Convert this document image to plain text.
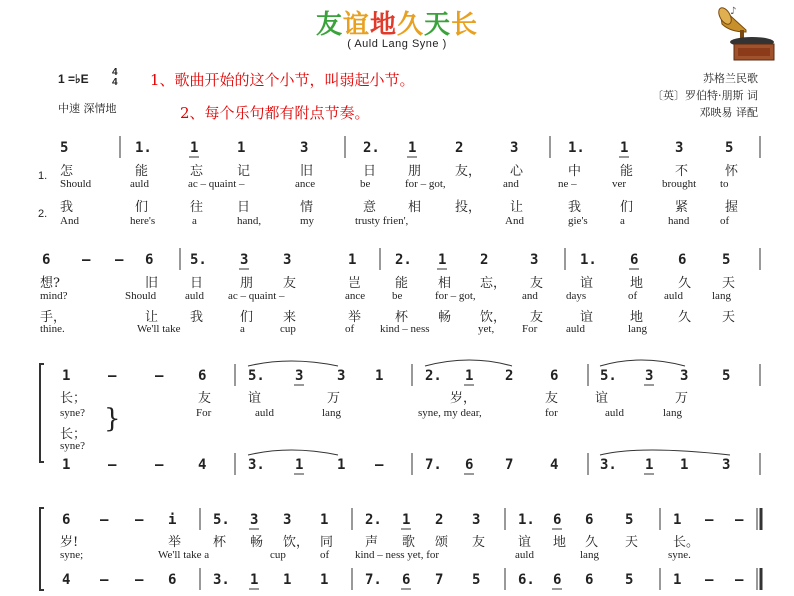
友谊地久天长
( Auld Lang Syne )
♪
1 =♭E 4
4
中速 深情地
1、歌曲开始的这个小节，叫弱起小节。
2、每个乐句都有附点节奏。
苏格兰民歌
〔英〕罗伯特·朋斯 词
邓映易 译配
1.
2.
5	1.	1	1	3	2. 1	2	3	1.	1	3	5
怎	能	忘	记	旧	日 朋	友， 心	中	能	不	怀
Should	auld	ac – quaint –	ance	be	for – got,	and	ne –	ver	brought to
我	们	往	日	情	意 相	投， 让	我	们	紧	握
And	here's	a	hand,	my	trusty frien',	And	gie's	a	hand	of
6 – – 6	5. 3 3	1	2. 1 2	3	1. 6	6	5
想?	旧 日	朋 友	岂	能 相 忘， 友	谊	地	久 天
mind?	Should	auld ac – quaint –	ance be	for – got,	and	days	of auld	lang
手，	让 我	们 来	举	杯 畅 饮， 友	谊	地	久 天
thine.	We'll take	a	cup	of kind – ness	yet,	For	auld	lang
1	–	– 6	5. 3 3 1	2. 1 2	6	5. 3 3 5
长；	友	谊	万	岁，	友	谊	万
syne?	For	auld	lang	syne, my dear,	for	auld	lang
长；
syne?
}
1	–	– 4	3. 1 1 –	7. 6 7	4	3. 1 1 3
6 – – i	5. 3 3 1	2. 1 2 3	1. 6 6 5	1 – –
岁!	举 杯 畅 饮， 同 声 歌 颂 友	谊 地 久 天	长。
syne;	We'll take a	cup	of kind – ness yet, for	auld	lang	syne.
4 – – 6	3. 1 1 1	7. 6 7 5	6. 6 6 5	1 – –
